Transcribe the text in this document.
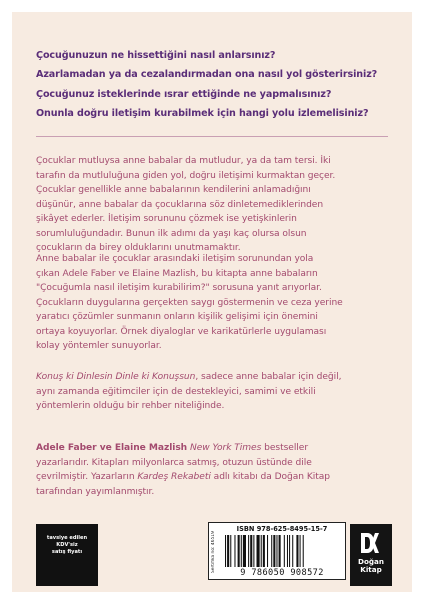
Çocuğunuzun ne hissettiğini nasıl anlarsınız?
Azarlamadan ya da cezalandırmadan ona nasıl yol gösterirsiniz?
Çocuğunuz isteklerinde ısrar ettiğinde ne yapmalısınız?
Onunla doğru iletişim kurabilmek için hangi yolu izlemelisiniz?
Çocuklar mutluysa anne babalar da mutludur, ya da tam tersi. İki
tarafın da mutluluğuna giden yol, doğru iletişimi kurmaktan geçer.
Çocuklar genellikle anne babalarının kendilerini anlamadığını
düşünür, anne babalar da çocuklarına söz dinletemediklerinden
şikâyet ederler. İletişim sorununu çözmek ise yetişkinlerin
sorumluluğundadır. Bunun ilk adımı da yaşı kaç olursa olsun
çocukların da birey olduklarını unutmamaktır.
Anne babalar ile çocuklar arasındaki iletişim sorunundan yola
çıkan Adele Faber ve Elaine Mazlish, bu kitapta anne babaların
"Çocuğumla nasıl iletişim kurabilirim?" sorusuna yanıt arıyorlar.
Çocukların duygularına gerçekten saygı göstermenin ve ceza yerine
yaratıcı çözümler sunmanın onların kişilik gelişimi için önemini
ortaya koyuyorlar. Örnek diyaloglar ve karikatürlerle uygulaması
kolay yöntemler sunuyorlar.
Konuş ki Dinlesin Dinle ki Konuşsun, sadece anne babalar için değil,
aynı zamanda eğitimciler için de destekleyici, samimi ve etkili
yöntemlerin olduğu bir rehber niteliğinde.
Adele Faber ve Elaine Mazlish New York Times bestseller
yazarlarıdır. Kitapları milyonlarca satmış, otuzun üstünde dile
çevrilmiştir. Yazarların Kardeş Rekabeti adlı kitabı da Doğan Kitap
tarafından yayımlanmıştır.
tavsiye edilen
KDV'siz
satış fiyatı	Sertifika no: 46519
ISBN 978-625-8495-15-7
9 786050 908572
Doğan
Kitap
